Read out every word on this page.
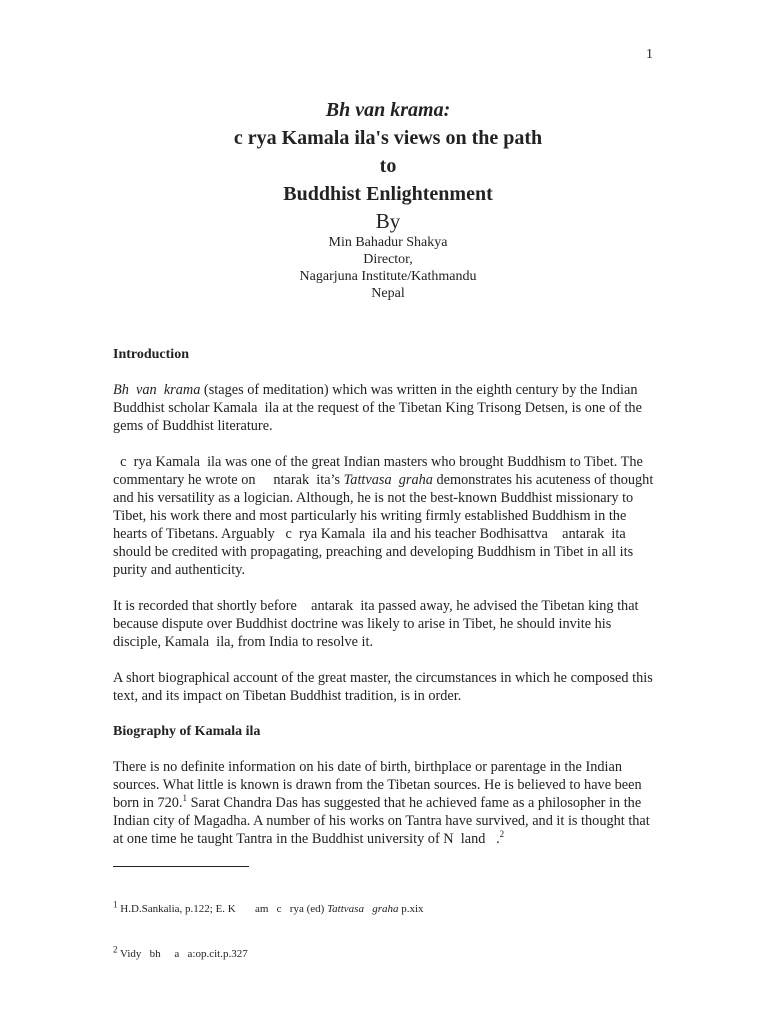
1
Bh van krama:
c rya Kamala ila's views on the path
to
Buddhist Enlightenment
By
Min Bahadur Shakya
Director,
Nagarjuna Institute/Kathmandu
Nepal
Introduction

Bh  van  krama (stages of meditation) which was written in the eighth century by the Indian Buddhist scholar Kamala  ila at the request of the Tibetan King Trisong Detsen, is one of the gems of Buddhist literature.

c  rya Kamala  ila was one of the great Indian masters who brought Buddhism to Tibet. The commentary he wrote on     ntarak  ita’s Tattvasa  graha demonstrates his acuteness of thought and his versatility as a logician. Although, he is not the best-known Buddhist missionary to Tibet, his work there and most particularly his writing firmly established Buddhism in the hearts of Tibetans. Arguably   c  rya Kamala  ila and his teacher Bodhisattva    antarak  ita should be credited with propagating, preaching and developing Buddhism in Tibet in all its purity and authenticity.

It is recorded that shortly before    antarak  ita passed away, he advised the Tibetan king that because dispute over Buddhist doctrine was likely to arise in Tibet, he should invite his disciple, Kamala  ila, from India to resolve it.

A short biographical account of the great master, the circumstances in which he composed this text, and its impact on Tibetan Buddhist tradition, is in order.

Biography of Kamala ila

There is no definite information on his date of birth, birthplace or parentage in the Indian sources. What little is known is drawn from the Tibetan sources. He is believed to have been born in 720.$^1$ Sarat Chandra Das has suggested that he achieved fame as a philosopher in the Indian city of Magadha. A number of his works on Tantra have survived, and it is thought that at one time he taught Tantra in the Buddhist university of N  land   .$^2$

$^1$ H.D.Sankalia, p.122; E. K       am   c   rya (ed) Tattvasa   graha p.xix

$^2$ Vidy   bh     a   a:op.cit.p.327
